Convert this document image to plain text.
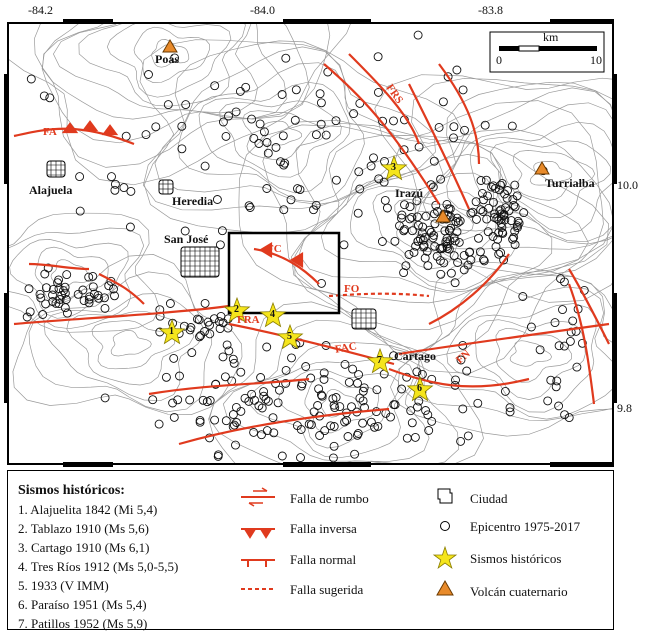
-84.2	-84.0	-83.8
10.0
9.8
km
0	10
Poás
Alajuela
Heredia
San José
Irazú
Turrialba
Cartago
FA
FRS
FC
FO
FAC	FN
FRA
1
2
3
4
5
6
7
Sismos históricos:
1. Alajuelita 1842 (Mi 5,4)
2. Tablazo 1910 (Ms 5,6)
3. Cartago 1910 (Ms 6,1)
4. Tres Ríos 1912 (Ms 5,0-5,5)
5. 1933 (V IMM)
6. Paraíso 1951 (Ms 5,4)
7. Patillos 1952 (Ms 5,9)
Falla de rumbo
Falla inversa
Falla normal
Falla sugerida
Ciudad
Epicentro 1975-2017
Sismos históricos
Volcán cuaternario
